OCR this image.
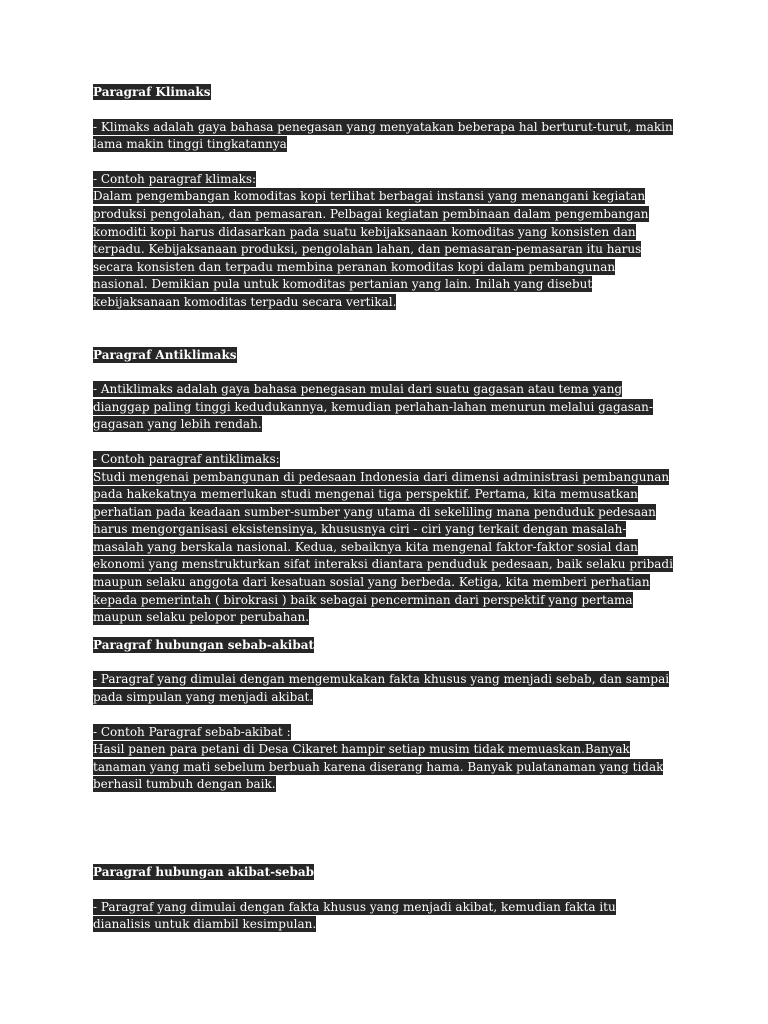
Paragraf Klimaks

- Klimaks adalah gaya bahasa penegasan yang menyatakan beberapa hal berturut-turut, makin lama makin tinggi tingkatannya

- Contoh paragraf klimaks:

Dalam pengembangan komoditas kopi terlihat berbagai instansi yang menangani kegiatan produksi pengolahan, dan pemasaran. Pelbagai kegiatan pembinaan dalam pengembangan komoditi kopi harus didasarkan pada suatu kebijaksanaan komoditas yang konsisten dan terpadu. Kebijaksanaan produksi, pengolahan lahan, dan pemasaran-pemasaran itu harus secara konsisten dan terpadu membina peranan komoditas kopi dalam pembangunan nasional. Demikian pula untuk komoditas pertanian yang lain. Inilah yang disebut kebijaksanaan komoditas terpadu secara vertikal.

Paragraf Antiklimaks

- Antiklimaks adalah gaya bahasa penegasan mulai dari suatu gagasan atau tema yang dianggap paling tinggi kedudukannya, kemudian perlahan-lahan menurun melalui gagasan-gagasan yang lebih rendah.

- Contoh paragraf antiklimaks:

Studi mengenai pembangunan di pedesaan Indonesia dari dimensi administrasi pembangunan pada hakekatnya memerlukan studi mengenai tiga perspektif. Pertama, kita memusatkan perhatian pada keadaan sumber-sumber yang utama di sekeliling mana penduduk pedesaan harus mengorganisasi eksistensinya, khususnya ciri - ciri yang terkait dengan masalah-masalah yang berskala nasional. Kedua, sebaiknya kita mengenal faktor-faktor sosial dan ekonomi yang menstrukturkan sifat interaksi diantara penduduk pedesaan, baik selaku pribadi maupun selaku anggota dari kesatuan sosial yang berbeda. Ketiga, kita memberi perhatian kepada pemerintah ( birokrasi ) baik sebagai pencerminan dari perspektif yang pertama maupun selaku pelopor perubahan.

Paragraf hubungan sebab-akibat

- Paragraf yang dimulai dengan mengemukakan fakta khusus yang menjadi sebab, dan sampai pada simpulan yang menjadi akibat.

- Contoh Paragraf sebab-akibat :

Hasil panen para petani di Desa Cikaret hampir setiap musim tidak memuaskan.Banyak tanaman yang mati sebelum berbuah karena diserang hama. Banyak pulatanaman yang tidak berhasil tumbuh dengan baik.

Paragraf hubungan akibat-sebab

- Paragraf yang dimulai dengan fakta khusus yang menjadi akibat, kemudian fakta itu dianalisis untuk diambil kesimpulan.
